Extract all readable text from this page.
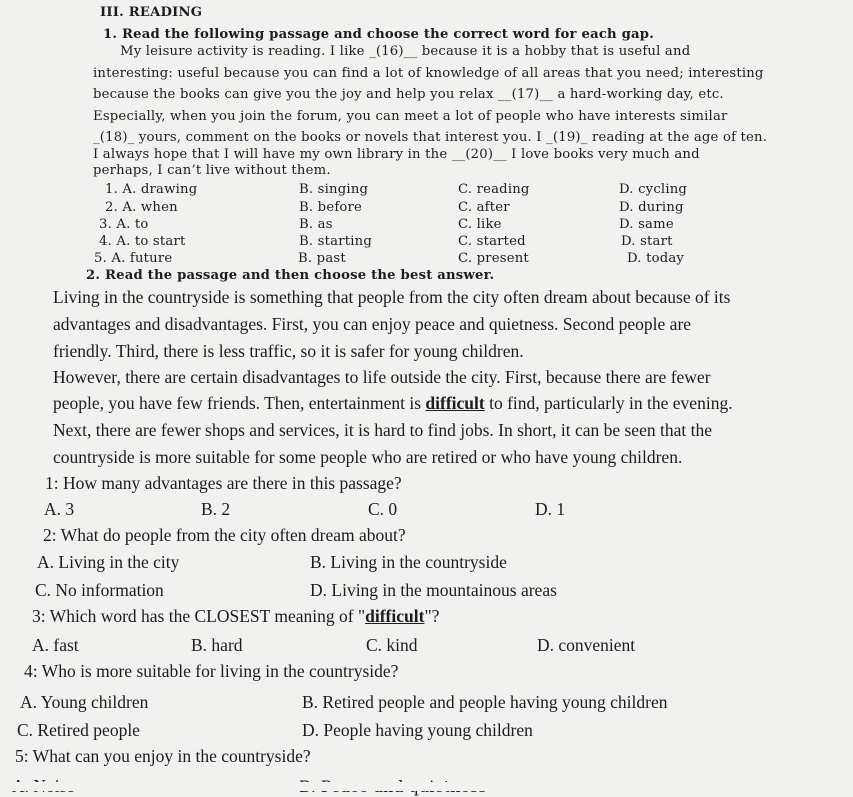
III. READING
1. Read the following passage and choose the correct word for each gap.
My leisure activity is reading. I like _(16)__ because it is a hobby that is useful and
interesting: useful because you can find a lot of knowledge of all areas that you need; interesting
because the books can give you the joy and help you relax __(17)__ a hard-working day, etc.
Especially, when you join the forum, you can meet a lot of people who have interests similar
_(18)_ yours, comment on the books or novels that interest you. I _(19)_ reading at the age of ten.
I always hope that I will have my own library in the __(20)__ I love books very much and
perhaps, I can’t live without them.
1. A. drawing	B. singing	C. reading	D. cycling
2. A. when	B. before	C. after	D. during
3. A. to	B. as	C. like	D. same
4. A. to start	B. starting	C. started	D. start
5. A. future	B. past	C. present	D. today
2. Read the passage and then choose the best answer.
Living in the countryside is something that people from the city often dream about because of its
advantages and disadvantages. First, you can enjoy peace and quietness. Second people are
friendly. Third, there is less traffic, so it is safer for young children.
However, there are certain disadvantages to life outside the city. First, because there are fewer
people, you have few friends. Then, entertainment is difficult to find, particularly in the evening.
Next, there are fewer shops and services, it is hard to find jobs. In short, it can be seen that the
countryside is more suitable for some people who are retired or who have young children.
1: How many advantages are there in this passage?
A. 3	B. 2	C. 0	D. 1
2: What do people from the city often dream about?
A. Living in the city	B. Living in the countryside
C. No information	D. Living in the mountainous areas
3: Which word has the CLOSEST meaning of "difficult"?
A. fast	B. hard	C. kind	D. convenient
4: Who is more suitable for living in the countryside?
A. Young children	B. Retired people and people having young children
C. Retired people	D. People having young children
5: What can you enjoy in the countryside?
